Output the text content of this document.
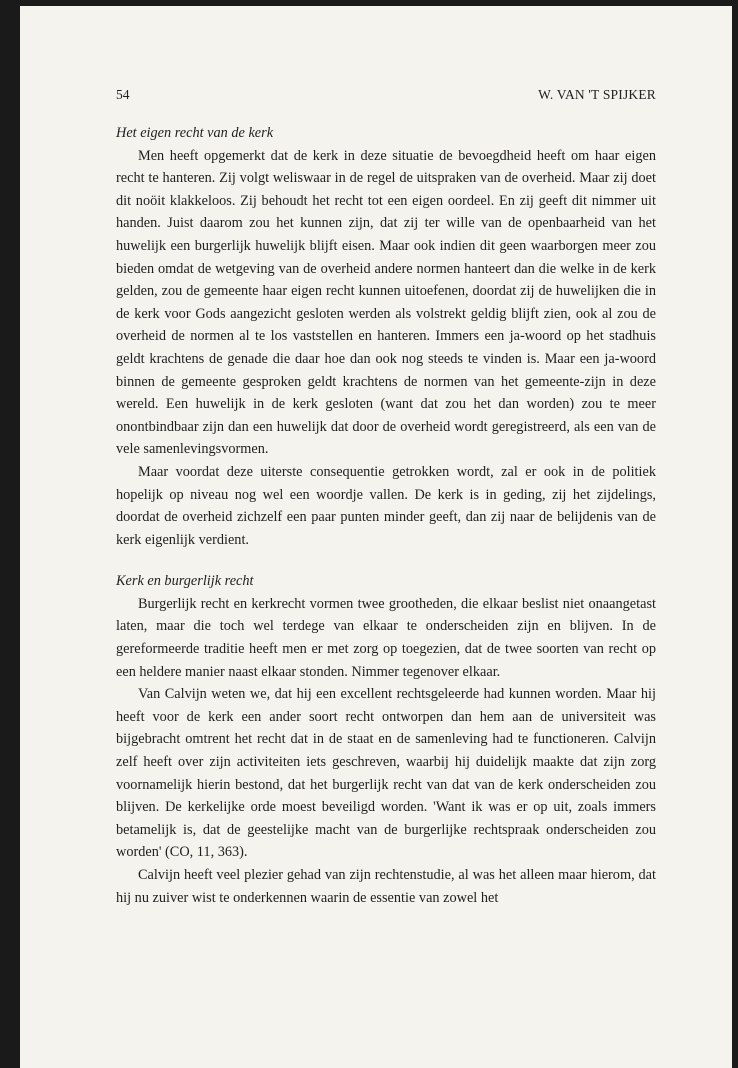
54	W. VAN 'T SPIJKER
Het eigen recht van de kerk

Men heeft opgemerkt dat de kerk in deze situatie de bevoegdheid heeft om haar eigen recht te hanteren. Zij volgt weliswaar in de regel de uitspraken van de overheid. Maar zij doet dit noöit klakkeloos. Zij behoudt het recht tot een eigen oordeel. En zij geeft dit nimmer uit handen. Juist daarom zou het kunnen zijn, dat zij ter wille van de openbaarheid van het huwelijk een burgerlijk huwelijk blijft eisen. Maar ook indien dit geen waarborgen meer zou bieden omdat de wetgeving van de overheid andere normen hanteert dan die welke in de kerk gelden, zou de gemeente haar eigen recht kunnen uitoefenen, doordat zij de huwelijken die in de kerk voor Gods aangezicht gesloten werden als volstrekt geldig blijft zien, ook al zou de overheid de normen al te los vaststellen en hanteren. Immers een ja-woord op het stadhuis geldt krachtens de genade die daar hoe dan ook nog steeds te vinden is. Maar een ja-woord binnen de gemeente gesproken geldt krachtens de normen van het gemeente-zijn in deze wereld. Een huwelijk in de kerk gesloten (want dat zou het dan worden) zou te meer onontbindbaar zijn dan een huwelijk dat door de overheid wordt geregistreerd, als een van de vele samenlevingsvormen.

Maar voordat deze uiterste consequentie getrokken wordt, zal er ook in de politiek hopelijk op niveau nog wel een woordje vallen. De kerk is in geding, zij het zijdelings, doordat de overheid zichzelf een paar punten minder geeft, dan zij naar de belijdenis van de kerk eigenlijk verdient.

Kerk en burgerlijk recht

Burgerlijk recht en kerkrecht vormen twee grootheden, die elkaar beslist niet onaangetast laten, maar die toch wel terdege van elkaar te onderscheiden zijn en blijven. In de gereformeerde traditie heeft men er met zorg op toegezien, dat de twee soorten van recht op een heldere manier naast elkaar stonden. Nimmer tegenover elkaar.

Van Calvijn weten we, dat hij een excellent rechtsgeleerde had kunnen worden. Maar hij heeft voor de kerk een ander soort recht ontworpen dan hem aan de universiteit was bijgebracht omtrent het recht dat in de staat en de samenleving had te functioneren. Calvijn zelf heeft over zijn activiteiten iets geschreven, waarbij hij duidelijk maakte dat zijn zorg voornamelijk hierin bestond, dat het burgerlijk recht van dat van de kerk onderscheiden zou blijven. De kerkelijke orde moest beveiligd worden. 'Want ik was er op uit, zoals immers betamelijk is, dat de geestelijke macht van de burgerlijke rechtspraak onderscheiden zou worden' (CO, 11, 363).

Calvijn heeft veel plezier gehad van zijn rechtenstudie, al was het alleen maar hierom, dat hij nu zuiver wist te onderkennen waarin de essentie van zowel het
